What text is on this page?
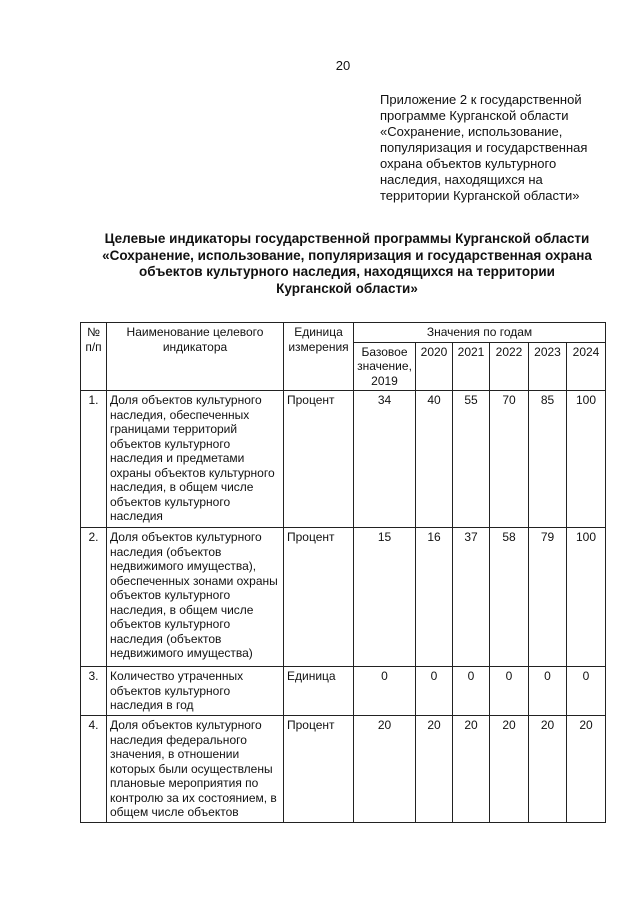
20
Приложение 2 к государственной
программе Курганской области
«Сохранение, использование,
популяризация и государственная
охрана объектов культурного
наследия, находящихся на
территории Курганской области»
Целевые индикаторы государственной программы Курганской области
«Сохранение, использование, популяризация и государственная охрана
объектов культурного наследия, находящихся на территории
Курганской области»
№ п/п	Наименование целевого индикатора	Единица измерения	Значения по годам					
			Базовое значение, 2019	2020	2021	2022	2023	2024
1.	Доля объектов культурного наследия, обеспеченных границами территорий объектов культурного наследия и предметами охраны объектов культурного наследия, в общем числе объектов культурного наследия	Процент	34	40	55	70	85	100
2.	Доля объектов культурного наследия (объектов недвижимого имущества), обеспеченных зонами охраны объектов культурного наследия, в общем числе объектов культурного наследия (объектов недвижимого имущества)	Процент	15	16	37	58	79	100
3.	Количество утраченных объектов культурного наследия в год	Единица	0	0	0	0	0	0
4.	Доля объектов культурного наследия федерального значения, в отношении которых были осуществлены плановые мероприятия по контролю за их состоянием, в общем числе объектов	Процент	20	20	20	20	20	20
